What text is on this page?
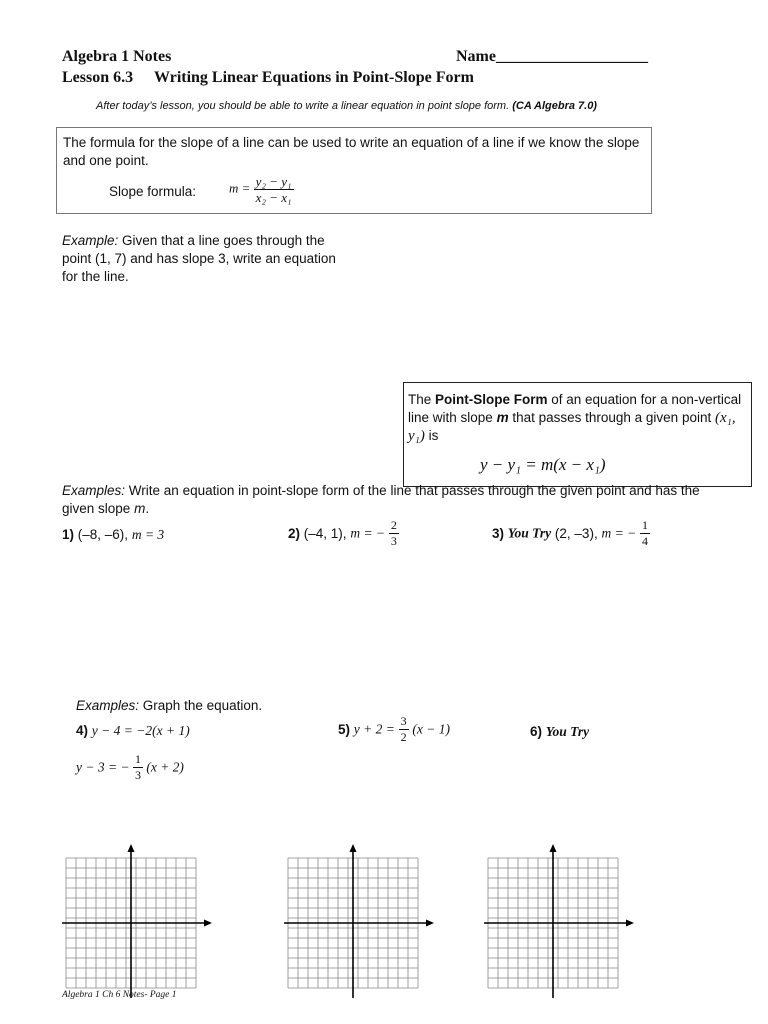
Algebra 1 Notes	Name___________________
Lesson 6.3 Writing Linear Equations in Point-Slope Form
After today’s lesson, you should be able to write a linear equation in point slope form. (CA Algebra 7.0)
The formula for the slope of a line can be used to write an equation of a line if we know the slope and one point.
Slope formula:	$m = \frac{\text{y₂ − y₁}}{\text{x₂ − x₁}}$
Example: Given that a line goes through the point (1, 7) and has slope 3, write an equation for the line.
The Point-Slope Form of an equation for a non-vertical line with slope m that passes through a given point (x₁, y₁) is
y − y₁ = m(x − x₁)
Examples: Write an equation in point-slope form of the line that passes through the given point and has the given slope m.
1) (–8, –6), m = 3	2) (–4, 1), m = − $\frac{2}{3}$	3) You Try (2, –3), m = − $\frac{1}{4}$
Examples: Graph the equation.
4) y − 4 = −2(x + 1)	5) $y + 2 = \frac{3}{2} (x - 1)$	6) You Try
y − 3 = − $\frac{1}{3} (x + 2)$
Algebra 1 Ch 6 Notes- Page 1
